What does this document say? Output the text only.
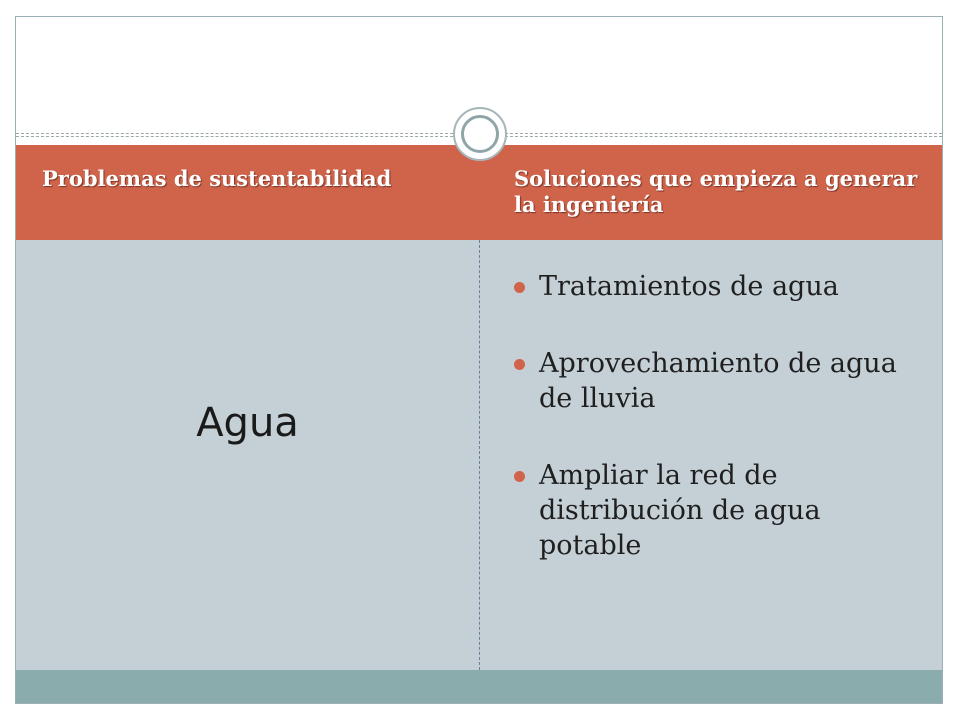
Problemas de sustentabilidad	Soluciones que empieza a generar la ingeniería
Agua
Tratamientos de agua
Aprovechamiento de agua de lluvia
Ampliar la red de distribución de agua potable
